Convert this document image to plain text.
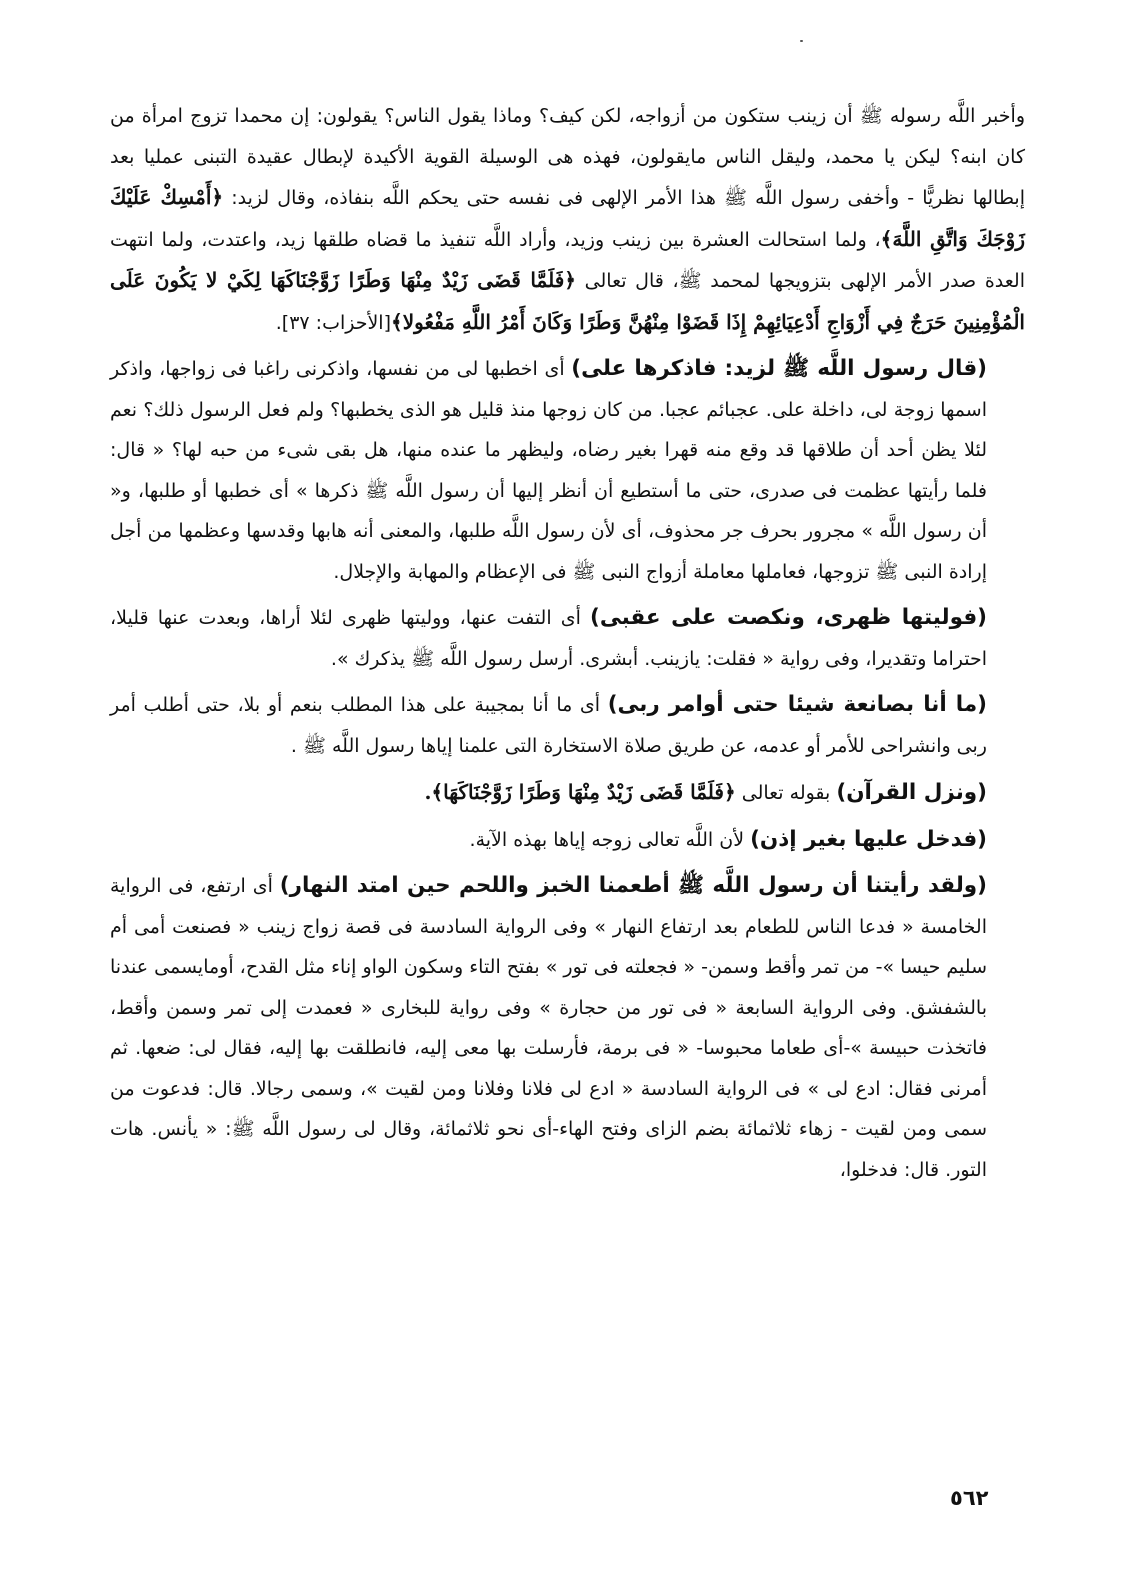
وأخبر اللَّه رسوله ﷺ أن زينب ستكون من أزواجه، لكن كيف؟ وماذا يقول الناس؟ يقولون: إن محمدا تزوج امرأة من كان ابنه؟ ليكن يا محمد، وليقل الناس مايقولون، فهذه هى الوسيلة القوية الأكيدة لإبطال عقيدة التبنى عمليا بعد إبطالها نظريًّا - وأخفى رسول اللَّه ﷺ هذا الأمر الإلهى فى نفسه حتى يحكم اللَّه بنفاذه، وقال لزيد: ﴿أَمْسِكْ عَلَيْكَ زَوْجَكَ وَاتَّقِ اللَّهَ﴾، ولما استحالت العشرة بين زينب وزيد، وأراد اللَّه تنفيذ ما قضاه طلقها زيد، واعتدت، ولما انتهت العدة صدر الأمر الإلهى بتزويجها لمحمد ﷺ، قال تعالى ﴿فَلَمَّا قَضَى زَيْدٌ مِنْهَا وَطَرًا زَوَّجْنَاكَهَا لِكَيْ لا يَكُونَ عَلَى الْمُؤْمِنِينَ حَرَجٌ فِي أَزْوَاجِ أَدْعِيَائِهِمْ إِذَا قَضَوْا مِنْهُنَّ وَطَرًا وَكَانَ أَمْرُ اللَّهِ مَفْعُولا﴾[الأحزاب: ٣٧].

(قال رسول اللَّه ﷺ لزيد: فاذكرها على) أى اخطبها لى من نفسها، واذكرنى راغبا فى زواجها، واذكر اسمها زوجة لى، داخلة على. عجبائم عجبا. من كان زوجها منذ قليل هو الذى يخطبها؟ ولم فعل الرسول ذلك؟ نعم لئلا يظن أحد أن طلاقها قد وقع منه قهرا بغير رضاه، وليظهر ما عنده منها، هل بقى شىء من حبه لها؟ « قال: فلما رأيتها عظمت فى صدرى، حتى ما أستطيع أن أنظر إليها أن رسول اللَّه ﷺ ذكرها » أى خطبها أو طلبها، و« أن رسول اللَّه » مجرور بحرف جر محذوف، أى لأن رسول اللَّه طلبها، والمعنى أنه هابها وقدسها وعظمها من أجل إرادة النبى ﷺ تزوجها، فعاملها معاملة أزواج النبى ﷺ فى الإعظام والمهابة والإجلال.

(فوليتها ظهرى، ونكصت على عقبى) أى التفت عنها، ووليتها ظهرى لئلا أراها، وبعدت عنها قليلا، احتراما وتقديرا، وفى رواية « فقلت: يازينب. أبشرى. أرسل رسول اللَّه ﷺ يذكرك ».

(ما أنا بصانعة شيئا حتى أوامر ربى) أى ما أنا بمجيبة على هذا المطلب بنعم أو بلا، حتى أطلب أمر ربى وانشراحى للأمر أو عدمه، عن طريق صلاة الاستخارة التى علمنا إياها رسول اللَّه ﷺ .

(ونزل القرآن) بقوله تعالى ﴿فَلَمَّا قَضَى زَيْدٌ مِنْهَا وَطَرًا زَوَّجْنَاكَهَا﴾.

(فدخل عليها بغير إذن) لأن اللَّه تعالى زوجه إياها بهذه الآية.

(ولقد رأيتنا أن رسول اللَّه ﷺ أطعمنا الخبز واللحم حين امتد النهار) أى ارتفع، فى الرواية الخامسة « فدعا الناس للطعام بعد ارتفاع النهار » وفى الرواية السادسة فى قصة زواج زينب « فصنعت أمى أم سليم حيسا »- من تمر وأقط وسمن- « فجعلته فى تور » بفتح التاء وسكون الواو إناء مثل القدح، أومايسمى عندنا بالشفشق. وفى الرواية السابعة « فى تور من حجارة » وفى رواية للبخارى « فعمدت إلى تمر وسمن وأقط، فاتخذت حبيسة »-أى طعاما محبوسا- « فى برمة، فأرسلت بها معى إليه، فانطلقت بها إليه، فقال لى: ضعها. ثم أمرنى فقال: ادع لى » فى الرواية السادسة « ادع لى فلانا وفلانا ومن لقيت »، وسمى رجالا. قال: فدعوت من سمى ومن لقيت - زهاء ثلاثمائة بضم الزاى وفتح الهاء-أى نحو ثلاثمائة، وقال لى رسول اللَّه ﷺ: « يأنس. هات التور. قال: فدخلوا،

٥٦٢
